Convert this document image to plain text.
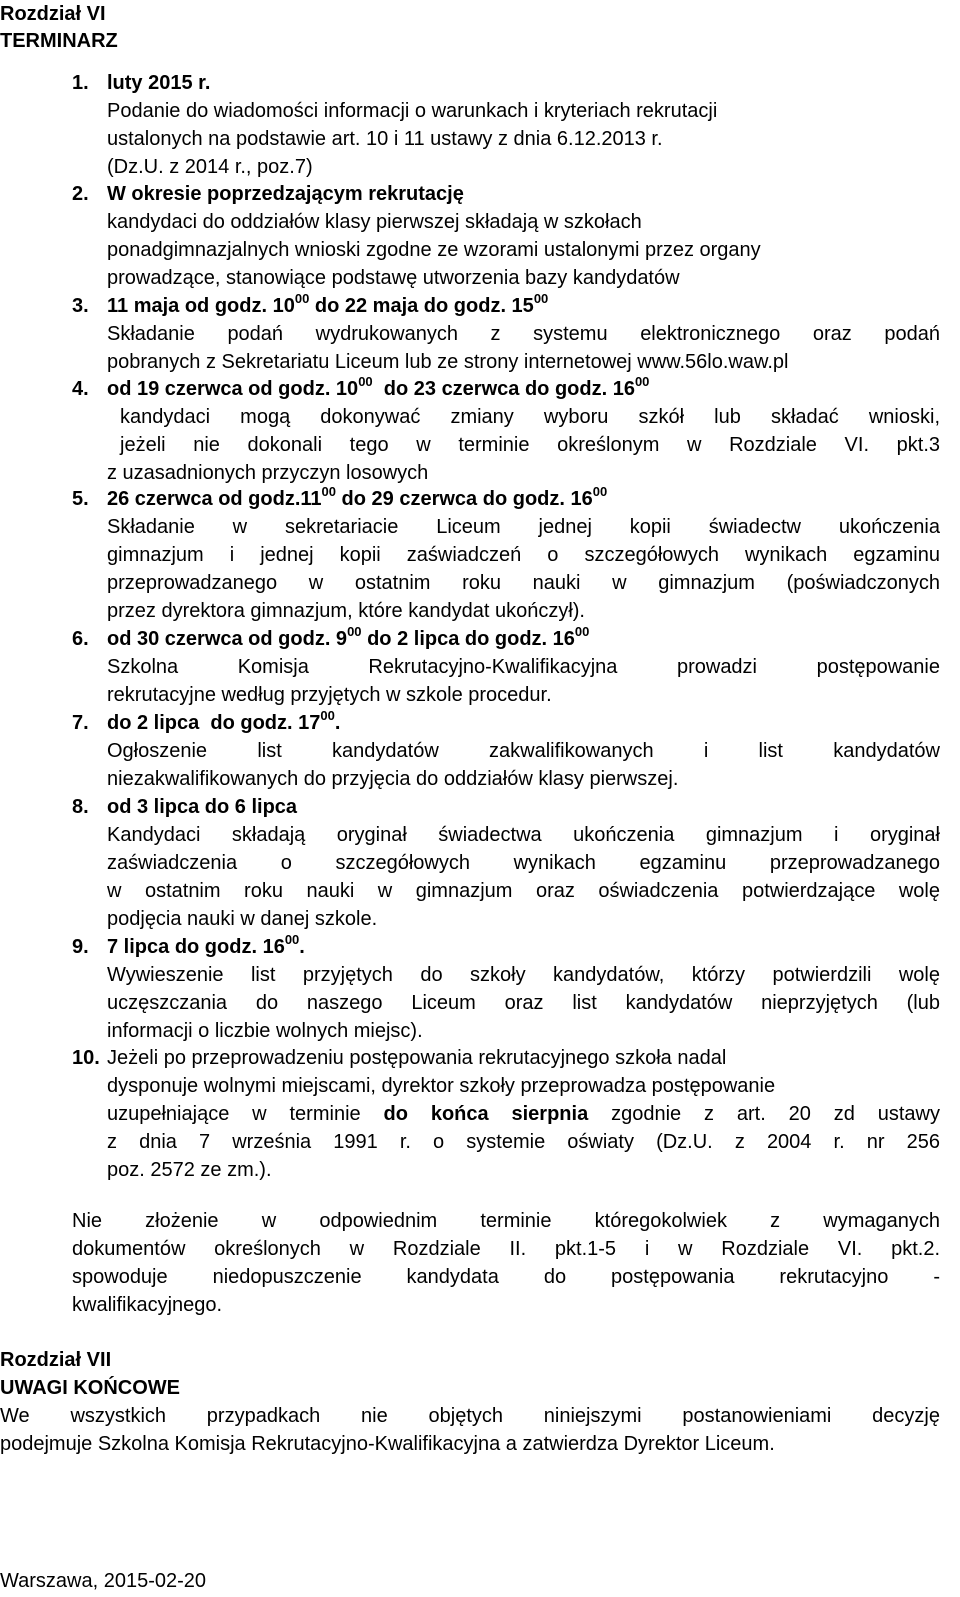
Rozdział VI
TERMINARZ
1. luty 2015 r.
Podanie do wiadomości informacji o warunkach i kryteriach rekrutacji
ustalonych na podstawie art. 10 i 11 ustawy z dnia 6.12.2013 r.
(Dz.U. z 2014 r., poz.7)
2. W okresie poprzedzającym rekrutację
kandydaci do oddziałów klasy pierwszej składają w szkołach
ponadgimnazjalnych wnioski zgodne ze wzorami ustalonymi przez organy
prowadzące, stanowiące podstawę utworzenia bazy kandydatów
3. 11 maja od godz. $10^{00}$ do 22 maja do godz. $15^{00}$
Składanie podań wydrukowanych z systemu elektronicznego oraz podań
pobranych z Sekretariatu Liceum lub ze strony internetowej www.56lo.waw.pl
4. od 19 czerwca od godz. $10^{00}$  do 23 czerwca do godz. $16^{00}$
kandydaci mogą dokonywać zmiany wyboru szkół lub składać wnioski,
jeżeli nie dokonali tego w terminie określonym w Rozdziale VI. pkt.3
z uzasadnionych przyczyn losowych
5. 26 czerwca od $godz.11^{00}$ do 29 czerwca do godz. $16^{00}$
Składanie w sekretariacie Liceum jednej kopii świadectw ukończenia
gimnazjum i jednej kopii zaświadczeń o szczegółowych wynikach egzaminu
przeprowadzanego w ostatnim roku nauki w gimnazjum (poświadczonych
przez dyrektora gimnazjum, które kandydat ukończył).
6. od 30 czerwca od godz. $9^{00}$ do 2 lipca do godz. $16^{00}$
Szkolna Komisja Rekrutacyjno-Kwalifikacyjna prowadzi postępowanie
rekrutacyjne według przyjętych w szkole procedur.
7. do 2 lipca  do godz. $17^{00}$.
Ogłoszenie list kandydatów zakwalifikowanych i list kandydatów
niezakwalifikowanych do przyjęcia do oddziałów klasy pierwszej.
8. od 3 lipca do 6 lipca
Kandydaci składają oryginał świadectwa ukończenia gimnazjum i oryginał
zaświadczenia o szczegółowych wynikach egzaminu przeprowadzanego
w ostatnim roku nauki w gimnazjum oraz oświadczenia potwierdzające wolę
podjęcia nauki w danej szkole.
9. 7 lipca do godz. $16^{00}$.
Wywieszenie list przyjętych do szkoły kandydatów, którzy potwierdzili wolę
uczęszczania do naszego Liceum oraz list kandydatów nieprzyjętych (lub
informacji o liczbie wolnych miejsc).
10. Jeżeli po przeprowadzeniu postępowania rekrutacyjnego szkoła nadal
dysponuje wolnymi miejscami, dyrektor szkoły przeprowadza postępowanie
uzupełniające w terminie do końca sierpnia zgodnie z art. 20 zd ustawy
z dnia 7 września 1991 r. o systemie oświaty (Dz.U. z 2004 r. nr 256
poz. 2572 ze zm.).
Nie złożenie w odpowiednim terminie któregokolwiek z wymaganych
dokumentów określonych w Rozdziale II. pkt.1-5 i w Rozdziale VI. pkt.2.
spowoduje niedopuszczenie kandydata do postępowania rekrutacyjno -
kwalifikacyjnego.
Rozdział VII
UWAGI KOŃCOWE
We wszystkich przypadkach nie objętych niniejszymi postanowieniami decyzję
podejmuje Szkolna Komisja Rekrutacyjno-Kwalifikacyjna a zatwierdza Dyrektor Liceum.
Warszawa, 2015-02-20
